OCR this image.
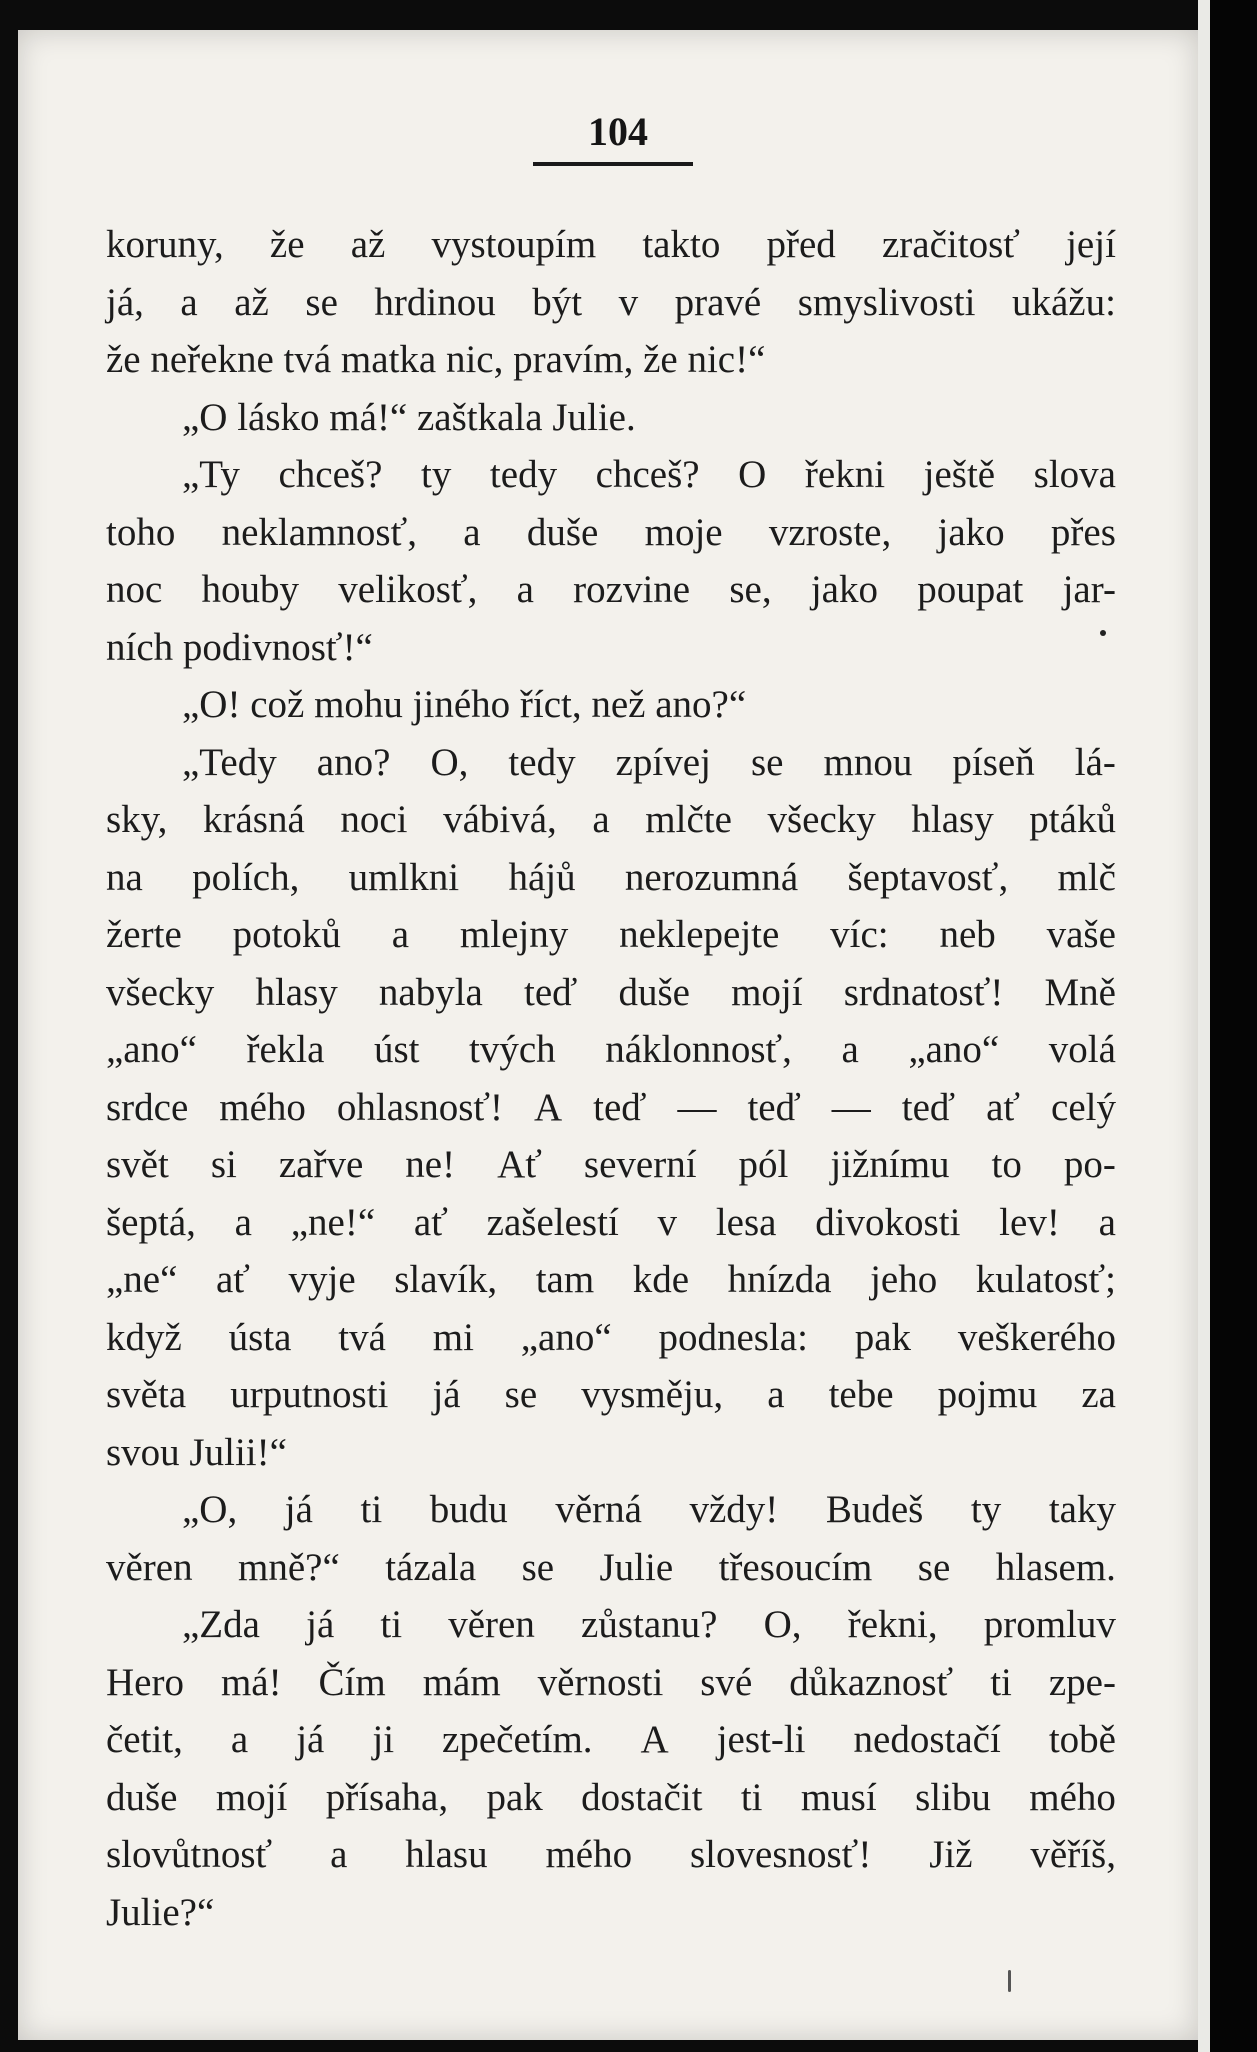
104
koruny, že až vystoupím takto před zračitosť její
já, a až se hrdinou být v pravé smyslivosti ukážu:
že neřekne tvá matka nic, pravím, že nic!“
„O lásko má!“ zaštkala Julie.
„Ty chceš? ty tedy chceš? O řekni ještě slova
toho neklamnosť, a duše moje vzroste, jako přes
noc houby velikosť, a rozvine se, jako poupat jar-
ních podivnosť!“
„O! což mohu jiného říct, než ano?“
„Tedy ano? O, tedy zpívej se mnou píseň lá-
sky, krásná noci vábivá, a mlčte všecky hlasy ptáků
na polích, umlkni hájů nerozumná šeptavosť, mlč
žerte potoků a mlejny neklepejte víc: neb vaše
všecky hlasy nabyla teď duše mojí srdnatosť! Mně
„ano“ řekla úst tvých náklonnosť, a „ano“ volá
srdce mého ohlasnosť! A teď — teď — teď ať celý
svět si zařve ne! Ať severní pól jižnímu to po-
šeptá, a „ne!“ ať zašelestí v lesa divokosti lev! a
„ne“ ať vyje slavík, tam kde hnízda jeho kulatosť;
když ústa tvá mi „ano“ podnesla: pak veškerého
světa urputnosti já se vysměju, a tebe pojmu za
svou Julii!“
„O, já ti budu věrná vždy! Budeš ty taky
věren mně?“ tázala se Julie třesoucím se hlasem.
„Zda já ti věren zůstanu? O, řekni, promluv
Hero má! Čím mám věrnosti své důkaznosť ti zpe-
četit, a já ji zpečetím. A jest-li nedostačí tobě
duše mojí přísaha, pak dostačit ti musí slibu mého
slovůtnosť a hlasu mého slovesnosť! Již věříš,
Julie?“
